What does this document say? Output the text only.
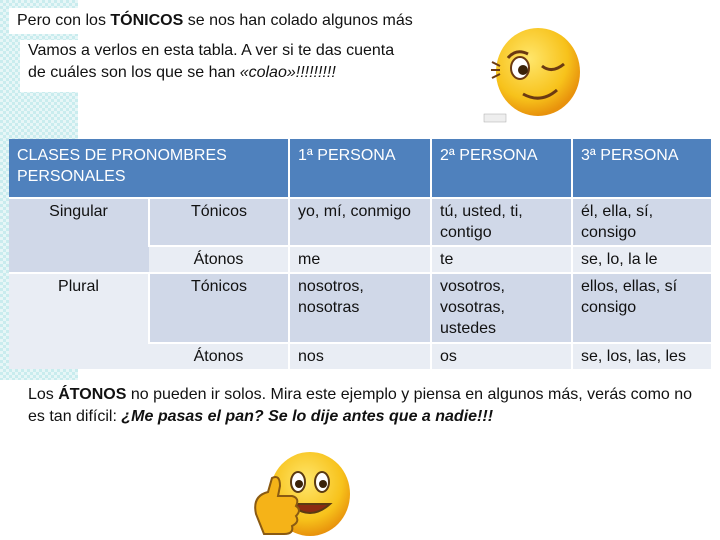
Pero con los TÓNICOS se nos han colado algunos más
Vamos a verlos en esta tabla. A ver si te das cuenta
de cuáles son los que se han «colao»!!!!!!!!!
CLASES DE PRONOMBRES PERSONALES		1ª PERSONA	2ª PERSONA	3ª PERSONA
Singular	Tónicos	yo, mí, conmigo	tú, usted, ti, contigo	él, ella, sí, consigo
	Átonos	me	te	se, lo, la le
Plural	Tónicos	nosotros, nosotras	vosotros, vosotras, ustedes	ellos, ellas, sí consigo
	Átonos	nos	os	se, los, las, les
Los ÁTONOS no pueden ir solos. Mira este ejemplo y piensa en algunos más, verás como no es tan difícil: ¿Me pasas el pan? Se lo dije antes que a nadie!!!
